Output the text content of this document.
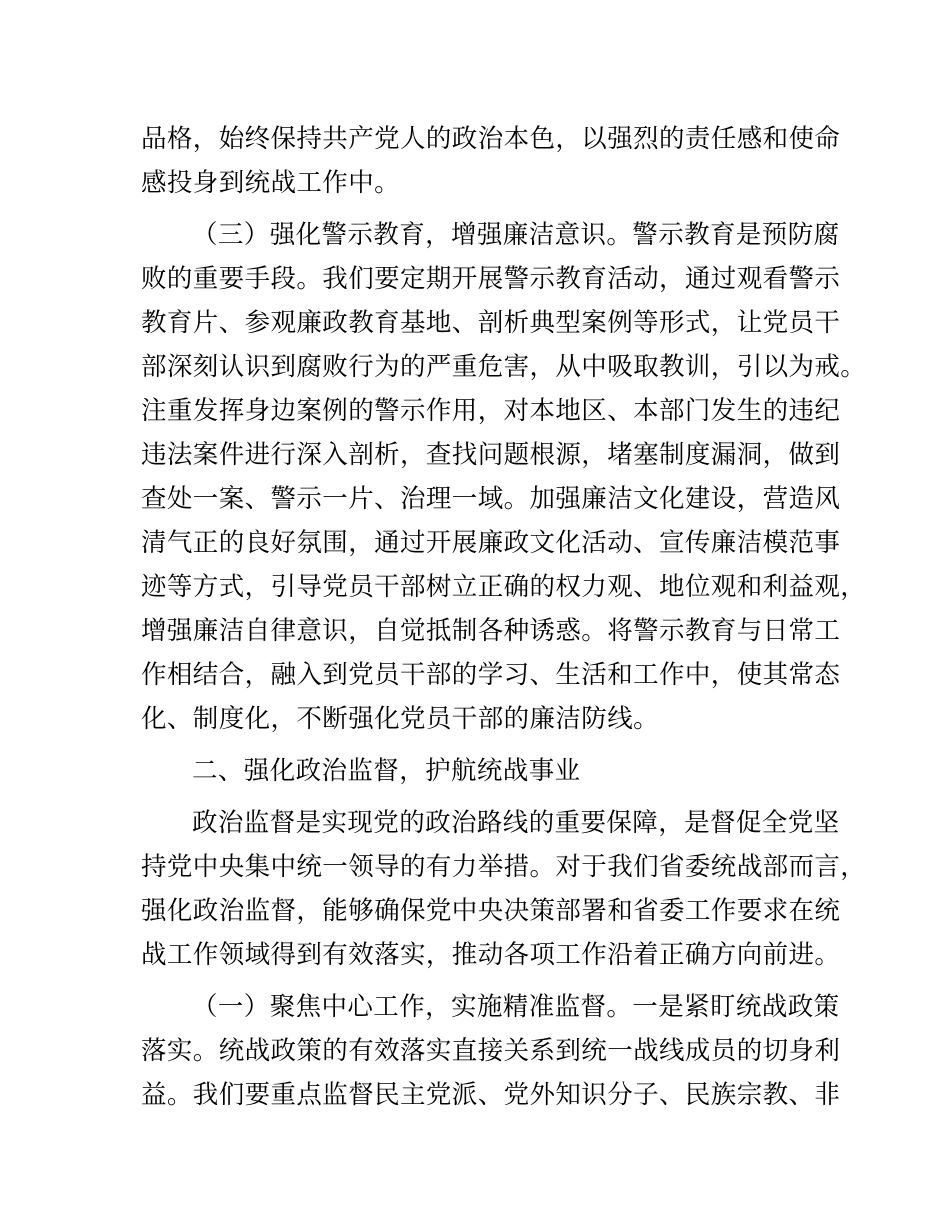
品格，始终保持共产党人的政治本色，以强烈的责任感和使命
感投身到统战工作中。
（三）强化警示教育，增强廉洁意识。警示教育是预防腐
败的重要手段。我们要定期开展警示教育活动，通过观看警示
教育片、参观廉政教育基地、剖析典型案例等形式，让党员干
部深刻认识到腐败行为的严重危害，从中吸取教训，引以为戒。
注重发挥身边案例的警示作用，对本地区、本部门发生的违纪
违法案件进行深入剖析，查找问题根源，堵塞制度漏洞，做到
查处一案、警示一片、治理一域。加强廉洁文化建设，营造风
清气正的良好氛围，通过开展廉政文化活动、宣传廉洁模范事
迹等方式，引导党员干部树立正确的权力观、地位观和利益观，
增强廉洁自律意识，自觉抵制各种诱惑。将警示教育与日常工
作相结合，融入到党员干部的学习、生活和工作中，使其常态
化、制度化，不断强化党员干部的廉洁防线。
二、强化政治监督，护航统战事业
政治监督是实现党的政治路线的重要保障，是督促全党坚
持党中央集中统一领导的有力举措。对于我们省委统战部而言，
强化政治监督，能够确保党中央决策部署和省委工作要求在统
战工作领域得到有效落实，推动各项工作沿着正确方向前进。
（一）聚焦中心工作，实施精准监督。一是紧盯统战政策
落实。统战政策的有效落实直接关系到统一战线成员的切身利
益。我们要重点监督民主党派、党外知识分子、民族宗教、非
